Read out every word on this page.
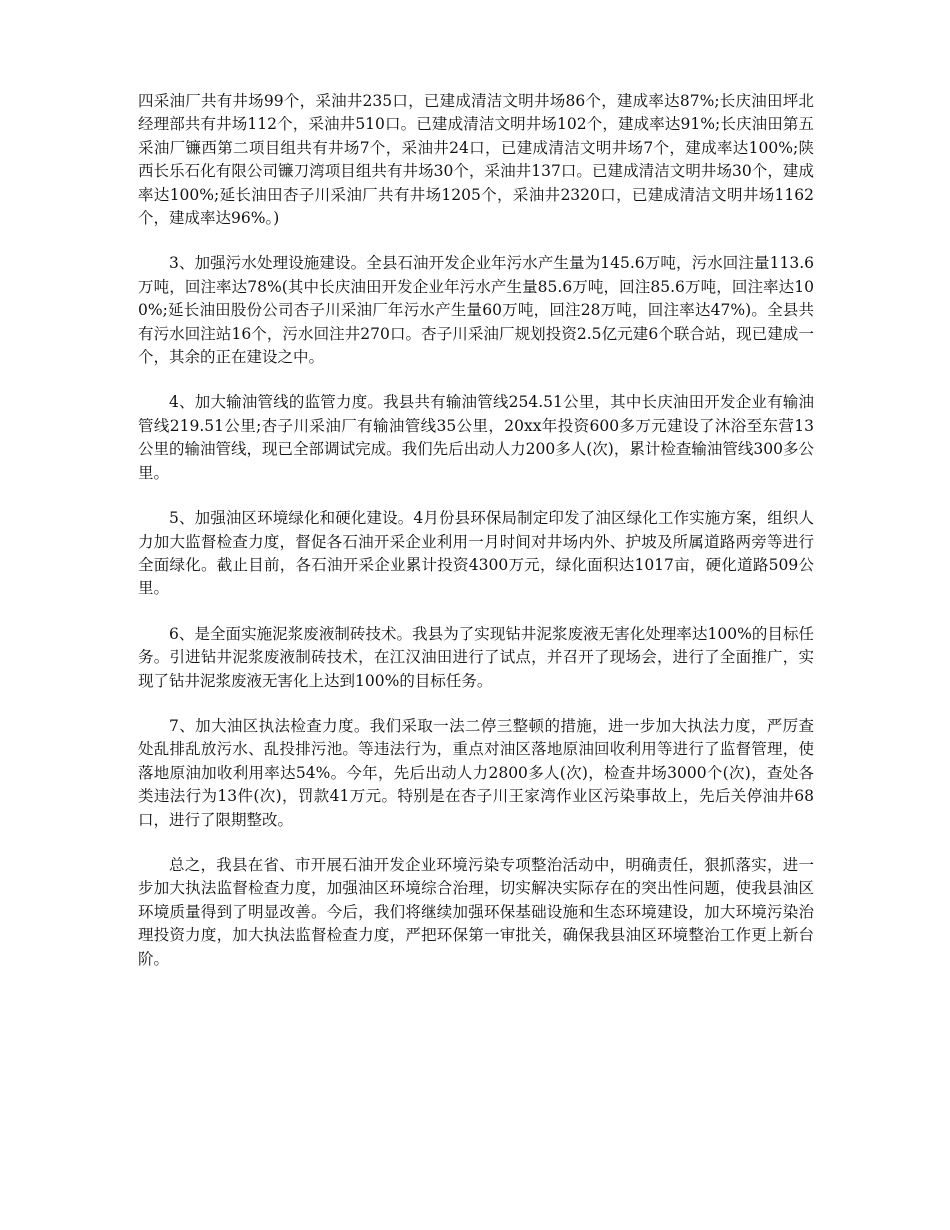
四采油厂共有井场99个，采油井235口，已建成清洁文明井场86个，建成率达87%;长庆油田坪北经理部共有井场112个，采油井510口。已建成清洁文明井场102个，建成率达91%;长庆油田第五采油厂镰西第二项目组共有井场7个，采油井24口，已建成清洁文明井场7个，建成率达100%;陕西长乐石化有限公司镰刀湾项目组共有井场30个，采油井137口。已建成清洁文明井场30个，建成率达100%;延长油田杏子川采油厂共有井场1205个，采油井2320口，已建成清洁文明井场1162个，建成率达96%。)

3、加强污水处理设施建设。全县石油开发企业年污水产生量为145.6万吨，污水回注量113.6万吨，回注率达78%(其中长庆油田开发企业年污水产生量85.6万吨，回注85.6万吨，回注率达100%;延长油田股份公司杏子川采油厂年污水产生量60万吨，回注28万吨，回注率达47%)。全县共有污水回注站16个，污水回注井270口。杏子川采油厂规划投资2.5亿元建6个联合站，现已建成一个，其余的正在建设之中。

4、加大输油管线的监管力度。我县共有输油管线254.51公里，其中长庆油田开发企业有输油管线219.51公里;杏子川采油厂有输油管线35公里，20xx年投资600多万元建设了沐浴至东营13公里的输油管线，现已全部调试完成。我们先后出动人力200多人(次)，累计检查输油管线300多公里。

5、加强油区环境绿化和硬化建设。4月份县环保局制定印发了油区绿化工作实施方案，组织人力加大监督检查力度，督促各石油开采企业利用一月时间对井场内外、护坡及所属道路两旁等进行全面绿化。截止目前，各石油开采企业累计投资4300万元，绿化面积达1017亩，硬化道路509公里。

6、是全面实施泥浆废液制砖技术。我县为了实现钻井泥浆废液无害化处理率达100%的目标任务。引进钻井泥浆废液制砖技术，在江汉油田进行了试点，并召开了现场会，进行了全面推广，实现了钻井泥浆废液无害化上达到100%的目标任务。

7、加大油区执法检查力度。我们采取一法二停三整顿的措施，进一步加大执法力度，严厉查处乱排乱放污水、乱投排污池。等违法行为，重点对油区落地原油回收利用等进行了监督管理，使落地原油加收利用率达54%。今年，先后出动人力2800多人(次)，检查井场3000个(次)，查处各类违法行为13件(次)，罚款41万元。特别是在杏子川王家湾作业区污染事故上，先后关停油井68口，进行了限期整改。

总之，我县在省、市开展石油开发企业环境污染专项整治活动中，明确责任，狠抓落实，进一步加大执法监督检查力度，加强油区环境综合治理，切实解决实际存在的突出性问题，使我县油区环境质量得到了明显改善。今后，我们将继续加强环保基础设施和生态环境建设，加大环境污染治理投资力度，加大执法监督检查力度，严把环保第一审批关，确保我县油区环境整治工作更上新台阶。
